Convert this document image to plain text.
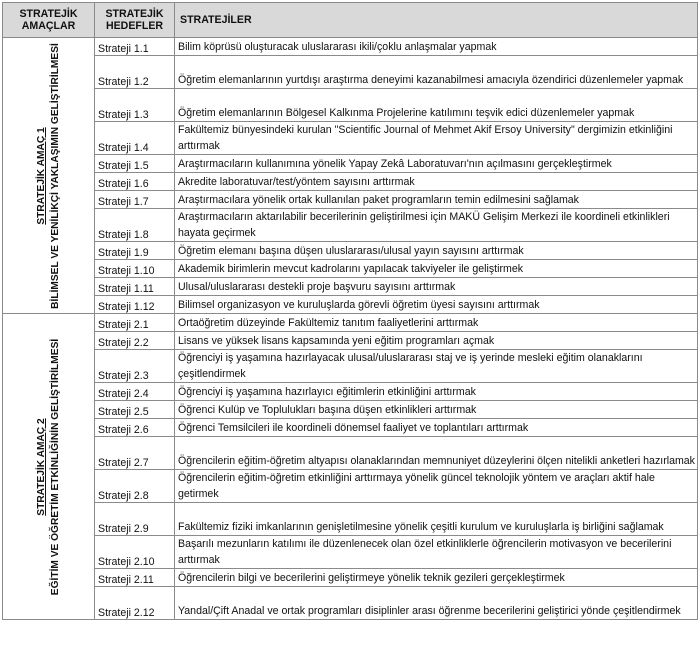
STRATEJİK
AMAÇLAR	STRATEJİK
HEDEFLER	STRATEJİLER

STRATEJİK AMAÇ 1 BİLİMSEL VE YENİLİKÇİ YAKLAŞIMIN GELİŞTİRİLMESİ	Strateji 1.1	Bilim köprüsü oluşturacak uluslararası ikili/çoklu anlaşmalar yapmak
	Strateji 1.2	Öğretim elemanlarının yurtdışı araştırma deneyimi kazanabilmesi amacıyla özendirici düzenlemeler yapmak
	Strateji 1.3	Öğretim elemanlarının Bölgesel Kalkınma Projelerine katılımını teşvik edici düzenlemeler yapmak
	Strateji 1.4	Fakültemiz bünyesindeki kurulan "Scientific Journal of Mehmet Akif Ersoy University" dergimizin etkinliğini arttırmak
	Strateji 1.5	Araştırmacıların kullanımına yönelik Yapay Zekâ Laboratuvarı'nın açılmasını gerçekleştirmek
	Strateji 1.6	Akredite laboratuvar/test/yöntem sayısını arttırmak
	Strateji 1.7	Araştırmacılara yönelik ortak kullanılan paket programların temin edilmesini sağlamak
	Strateji 1.8	Araştırmacıların aktarılabilir becerilerinin geliştirilmesi için MAKÜ Gelişim Merkezi ile koordineli etkinlikleri hayata geçirmek
	Strateji 1.9	Öğretim elemanı başına düşen uluslararası/ulusal yayın sayısını arttırmak
	Strateji 1.10	Akademik birimlerin mevcut kadrolarını yapılacak takviyeler ile geliştirmek
	Strateji 1.11	Ulusal/uluslararası destekli proje başvuru sayısını arttırmak
	Strateji 1.12	Bilimsel organizasyon ve kuruluşlarda görevli öğretim üyesi sayısını arttırmak

STRATEJİK AMAÇ 2 EĞİTİM VE ÖĞRETİM ETKİNLİĞİNİN GELİŞTİRİLMESİ	Strateji 2.1	Ortaöğretim düzeyinde Fakültemiz tanıtım faaliyetlerini arttırmak
	Strateji 2.2	Lisans ve yüksek lisans kapsamında yeni eğitim programları açmak
	Strateji 2.3	Öğrenciyi iş yaşamına hazırlayacak ulusal/uluslararası staj ve iş yerinde mesleki eğitim olanaklarını çeşitlendirmek
	Strateji 2.4	Öğrenciyi iş yaşamına hazırlayıcı eğitimlerin etkinliğini arttırmak
	Strateji 2.5	Öğrenci Kulüp ve Toplulukları başına düşen etkinlikleri arttırmak
	Strateji 2.6	Öğrenci Temsilcileri ile koordineli dönemsel faaliyet ve toplantıları arttırmak
	Strateji 2.7	Öğrencilerin eğitim-öğretim altyapısı olanaklarından memnuniyet düzeylerini ölçen nitelikli anketleri hazırlamak
	Strateji 2.8	Öğrencilerin eğitim-öğretim etkinliğini arttırmaya yönelik güncel teknolojik yöntem ve araçları aktif hale getirmek
	Strateji 2.9	Fakültemiz fiziki imkanlarının genişletilmesine yönelik çeşitli kurulum ve kuruluşlarla iş birliğini sağlamak
	Strateji 2.10	Başarılı mezunların katılımı ile düzenlenecek olan özel etkinliklerle öğrencilerin motivasyon ve becerilerini arttırmak
	Strateji 2.11	Öğrencilerin bilgi ve becerilerini geliştirmeye yönelik teknik gezileri gerçekleştirmek
	Strateji 2.12	Yandal/Çift Anadal ve ortak programları disiplinler arası öğrenme becerilerini geliştirici yönde çeşitlendirmek
